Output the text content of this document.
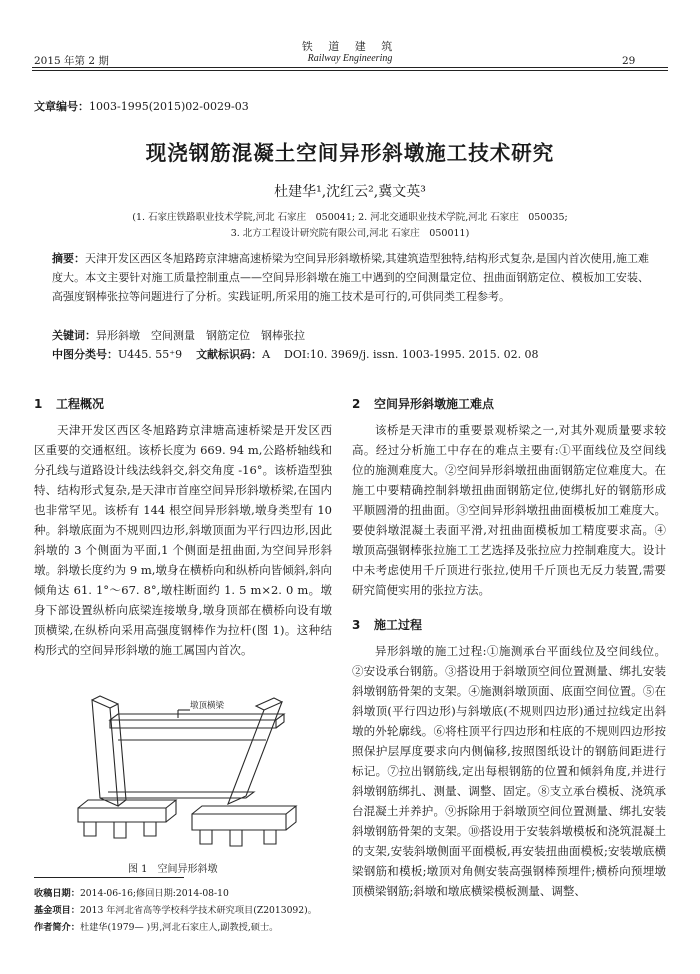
铁 道 建 筑
Railway Engineering
2015 年第 2 期	29
文章编号：1003-1995(2015)02-0029-03
现浇钢筋混凝土空间异形斜墩施工技术研究
杜建华¹,沈红云²,冀文英³
(1. 石家庄铁路职业技术学院,河北 石家庄　050041; 2. 河北交通职业技术学院,河北 石家庄　050035;
3. 北方工程设计研究院有限公司,河北 石家庄　050011)
摘要：天津开发区西区冬旭路跨京津塘高速桥梁为空间异形斜墩桥梁,其建筑造型独特,结构形式复杂,是国内首次使用,施工难度大。本文主要针对施工质量控制重点——空间异形斜墩在施工中遇到的空间测量定位、扭曲面钢筋定位、模板加工安装、高强度钢棒张拉等问题进行了分析。实践证明,所采用的施工技术是可行的,可供同类工程参考。
关键词：异形斜墩　空间测量　钢筋定位　钢棒张拉
中图分类号：U445. 55⁺9 文献标识码：A DOI:10. 3969/j. issn. 1003-1995. 2015. 02. 08
1 工程概况

天津开发区西区冬旭路跨京津塘高速桥梁是开发区西区重要的交通枢纽。该桥长度为 669. 94 m,公路桥轴线和分孔线与道路设计线法线斜交,斜交角度 -16°。该桥造型独特、结构形式复杂,是天津市首座空间异形斜墩桥梁,在国内也非常罕见。该桥有 144 根空间异形斜墩,墩身类型有 10 种。斜墩底面为不规则四边形,斜墩顶面为平行四边形,因此斜墩的 3 个侧面为平面,1 个侧面是扭曲面,为空间异形斜墩。斜墩长度约为 9 m,墩身在横桥向和纵桥向皆倾斜,斜向倾角达 61. 1°～67. 8°,墩柱断面约 1. 5 m×2. 0 m。墩身下部设置纵桥向底梁连接墩身,墩身顶部在横桥向设有墩顶横梁,在纵桥向采用高强度钢棒作为拉杆(图 1)。这种结构形式的空间异形斜墩的施工属国内首次。

墩顶横梁
图 1　空间异形斜墩
收稿日期：2014-06-16;修回日期:2014-08-10
基金项目：2013 年河北省高等学校科学技术研究项目(Z2013092)。
作者简介：杜建华(1979— )男,河北石家庄人,副教授,硕士。
2 空间异形斜墩施工难点

该桥是天津市的重要景观桥梁之一,对其外观质量要求较高。经过分析施工中存在的难点主要有:①平面线位及空间线位的施测难度大。②空间异形斜墩扭曲面钢筋定位难度大。在施工中要精确控制斜墩扭曲面钢筋定位,使绑扎好的钢筋形成平顺圆滑的扭曲面。③空间异形斜墩扭曲面模板加工难度大。要使斜墩混凝土表面平滑,对扭曲面模板加工精度要求高。④墩顶高强钢棒张拉施工工艺选择及张拉应力控制难度大。设计中未考虑使用千斤顶进行张拉,使用千斤顶也无反力装置,需要研究简便实用的张拉方法。

3 施工过程

异形斜墩的施工过程:①施测承台平面线位及空间线位。②安设承台钢筋。③搭设用于斜墩顶空间位置测量、绑扎安装斜墩钢筋骨架的支架。④施测斜墩顶面、底面空间位置。⑤在斜墩顶(平行四边形)与斜墩底(不规则四边形)通过拉线定出斜墩的外轮廓线。⑥将柱顶平行四边形和柱底的不规则四边形按照保护层厚度要求向内侧偏移,按照图纸设计的钢筋间距进行标记。⑦拉出钢筋线,定出每根钢筋的位置和倾斜角度,并进行斜墩钢筋绑扎、测量、调整、固定。⑧支立承台模板、浇筑承台混凝土并养护。⑨拆除用于斜墩顶空间位置测量、绑扎安装斜墩钢筋骨架的支架。⑩搭设用于安装斜墩模板和浇筑混凝土的支架,安装斜墩侧面平面模板,再安装扭曲面模板;安装墩底横梁钢筋和模板;墩顶对角侧安装高强钢棒预埋件;横桥向预埋墩顶横梁钢筋;斜墩和墩底横梁模板测量、调整、
